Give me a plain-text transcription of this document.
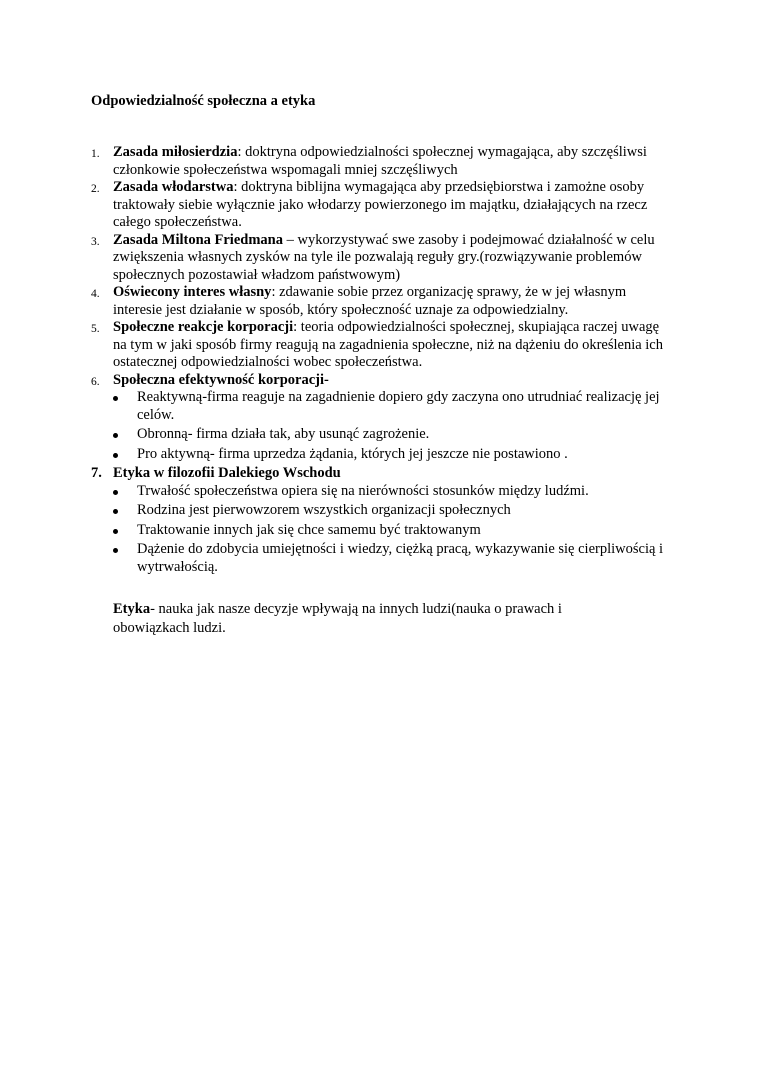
Odpowiedzialność społeczna a etyka
1. Zasada miłosierdzia: doktryna odpowiedzialności społecznej wymagająca, aby szczęśliwsi członkowie społeczeństwa wspomagali mniej szczęśliwych
2. Zasada włodarstwa: doktryna biblijna wymagająca aby przedsiębiorstwa i zamożne osoby traktowały siebie wyłącznie jako włodarzy powierzonego im majątku, działających na rzecz całego społeczeństwa.
3. Zasada Miltona Friedmana – wykorzystywać swe zasoby i podejmować działalność w celu zwiększenia własnych zysków na tyle ile pozwalają reguły gry.(rozwiązywanie problemów społecznych pozostawiał władzom państwowym)
4. Oświecony interes własny: zdawanie sobie przez organizację sprawy, że w jej własnym interesie jest działanie w sposób, który społeczność uznaje za odpowiedzialny.
5. Społeczne reakcje korporacji: teoria odpowiedzialności społecznej, skupiająca raczej uwagę na tym w jaki sposób firmy reagują na zagadnienia społeczne, niż na dążeniu do określenia ich ostatecznej odpowiedzialności wobec społeczeństwa.
6. Społeczna efektywność korporacji-
Reaktywną-firma reaguje na zagadnienie dopiero gdy zaczyna ono utrudniać realizację jej celów.
Obronną- firma działa tak, aby usunąć zagrożenie.
Pro aktywną- firma uprzedza żądania, których jej jeszcze nie postawiono .
7. Etyka w filozofii Dalekiego Wschodu
Trwałość społeczeństwa opiera się na nierówności stosunków między ludźmi.
Rodzina jest pierwowzorem wszystkich organizacji społecznych
Traktowanie innych jak się chce samemu być traktowanym
Dążenie do zdobycia umiejętności i wiedzy, ciężką pracą, wykazywanie się cierpliwością i wytrwałością.

Etyka- nauka jak nasze decyzje wpływają na innych ludzi(nauka o prawach i obowiązkach ludzi.
